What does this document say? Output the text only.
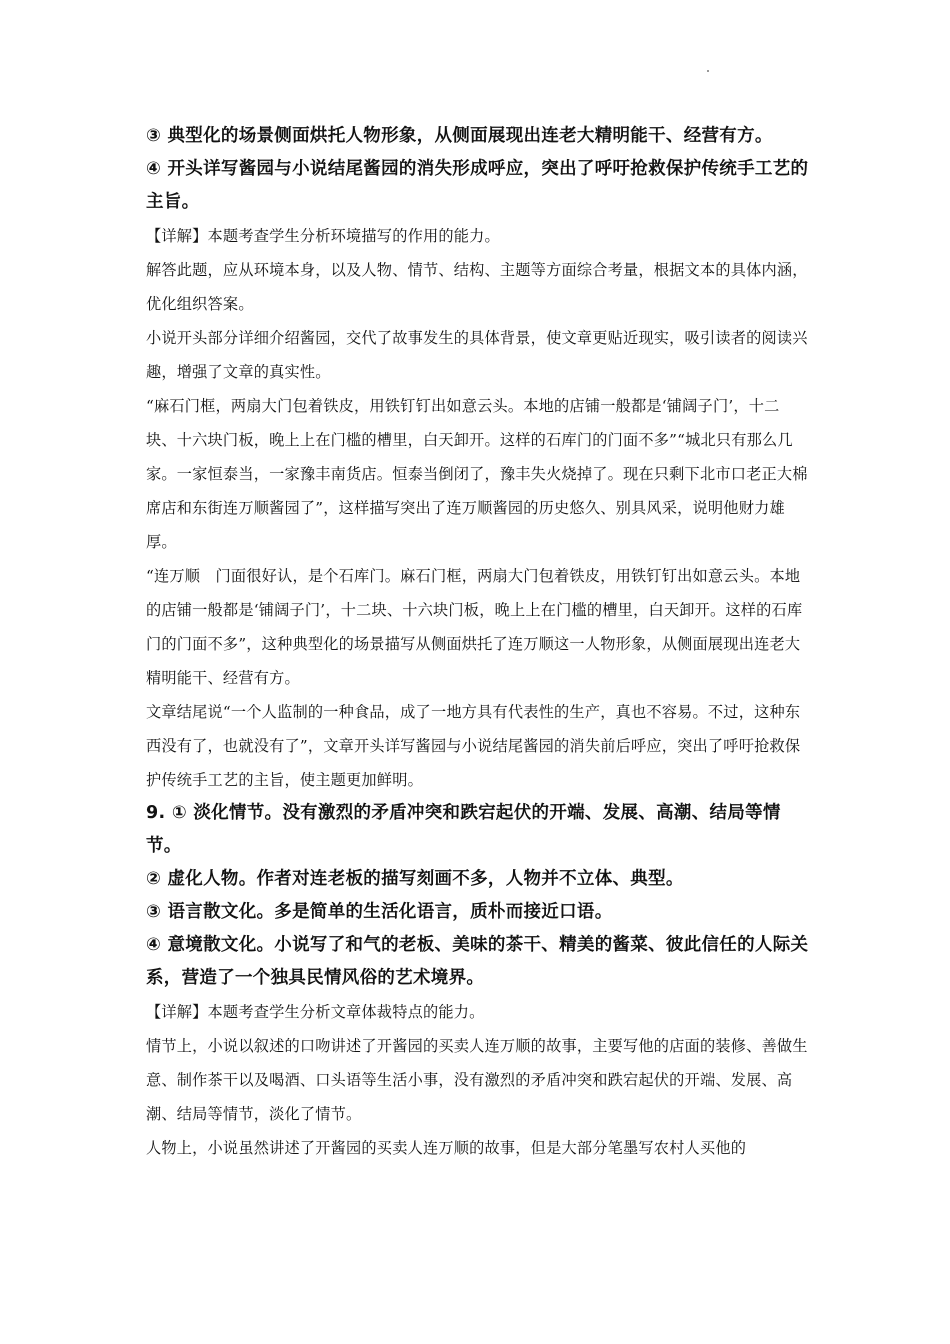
③ 典型化的场景侧面烘托人物形象，从侧面展现出连老大精明能干、经营有方。

④ 开头详写酱园与小说结尾酱园的消失形成呼应，突出了呼吁抢救保护传统手工艺的主旨。

【详解】本题考查学生分析环境描写的作用的能力。

解答此题，应从环境本身，以及人物、情节、结构、主题等方面综合考量，根据文本的具体内涵，优化组织答案。

小说开头部分详细介绍酱园，交代了故事发生的具体背景，使文章更贴近现实，吸引读者的阅读兴趣，增强了文章的真实性。

“麻石门框，两扇大门包着铁皮，用铁钉钉出如意云头。本地的店铺一般都是‘铺阔子门’，十二块、十六块门板，晚上上在门槛的槽里，白天卸开。这样的石库门的门面不多”“城北只有那么几家。一家恒泰当，一家豫丰南货店。恒泰当倒闭了，豫丰失火烧掉了。现在只剩下北市口老正大棉席店和东街连万顺酱园了”，这样描写突出了连万顺酱园的历史悠久、别具风采，说明他财力雄厚。

“连万顺　门面很好认，是个石库门。麻石门框，两扇大门包着铁皮，用铁钉钉出如意云头。本地的店铺一般都是‘铺阔子门’，十二块、十六块门板，晚上上在门槛的槽里，白天卸开。这样的石库门的门面不多”，这种典型化的场景描写从侧面烘托了连万顺这一人物形象，从侧面展现出连老大精明能干、经营有方。

文章结尾说“一个人监制的一种食品，成了一地方具有代表性的生产，真也不容易。不过，这种东西没有了，也就没有了”，文章开头详写酱园与小说结尾酱园的消失前后呼应，突出了呼吁抢救保护传统手工艺的主旨，使主题更加鲜明。

9. ① 淡化情节。没有激烈的矛盾冲突和跌宕起伏的开端、发展、高潮、结局等情节。

② 虚化人物。作者对连老板的描写刻画不多，人物并不立体、典型。

③ 语言散文化。多是简单的生活化语言，质朴而接近口语。

④ 意境散文化。小说写了和气的老板、美味的茶干、精美的酱菜、彼此信任的人际关系，营造了一个独具民情风俗的艺术境界。

【详解】本题考查学生分析文章体裁特点的能力。

情节上，小说以叙述的口吻讲述了开酱园的买卖人连万顺的故事，主要写他的店面的装修、善做生意、制作茶干以及喝酒、口头语等生活小事，没有激烈的矛盾冲突和跌宕起伏的开端、发展、高潮、结局等情节，淡化了情节。

人物上，小说虽然讲述了开酱园的买卖人连万顺的故事，但是大部分笔墨写农村人买他的
